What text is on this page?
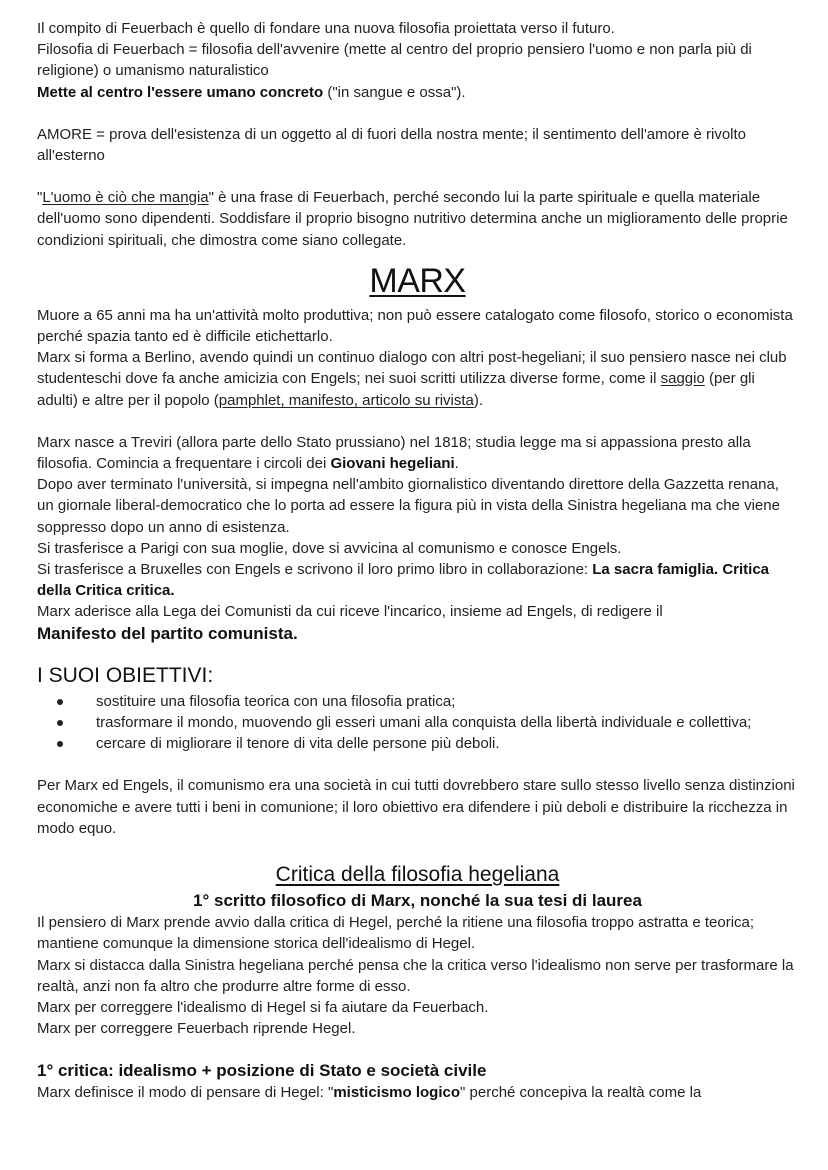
Il compito di Feuerbach è quello di fondare una nuova filosofia proiettata verso il futuro.

Filosofia di Feuerbach = filosofia dell'avvenire (mette al centro del proprio pensiero l'uomo e non parla più di religione) o umanismo naturalistico

Mette al centro l'essere umano concreto ("in sangue e ossa").

AMORE = prova dell'esistenza di un oggetto al di fuori della nostra mente; il sentimento dell'amore è rivolto all'esterno

"L'uomo è ciò che mangia" è una frase di Feuerbach, perché secondo lui la parte spirituale e quella materiale dell'uomo sono dipendenti. Soddisfare il proprio bisogno nutritivo determina anche un miglioramento delle proprie condizioni spirituali, che dimostra come siano collegate.

MARX

Muore a 65 anni ma ha un'attività molto produttiva; non può essere catalogato come filosofo, storico o economista perché spazia tanto ed è difficile etichettarlo.

Marx si forma a Berlino, avendo quindi un continuo dialogo con altri post-hegeliani; il suo pensiero nasce nei club studenteschi dove fa anche amicizia con Engels; nei suoi scritti utilizza diverse forme, come il saggio (per gli adulti) e altre per il popolo (pamphlet, manifesto, articolo su rivista).

Marx nasce a Treviri (allora parte dello Stato prussiano) nel 1818; studia legge ma si appassiona presto alla filosofia. Comincia a frequentare i circoli dei Giovani hegeliani.

Dopo aver terminato l'università, si impegna nell'ambito giornalistico diventando direttore della Gazzetta renana, un giornale liberal-democratico che lo porta ad essere la figura più in vista della Sinistra hegeliana ma che viene soppresso dopo un anno di esistenza.

Si trasferisce a Parigi con sua moglie, dove si avvicina al comunismo e conosce Engels.

Si trasferisce a Bruxelles con Engels e scrivono il loro primo libro in collaborazione: La sacra famiglia. Critica della Critica critica.

Marx aderisce alla Lega dei Comunisti da cui riceve l'incarico, insieme ad Engels, di redigere il

Manifesto del partito comunista.

I SUOI OBIETTIVI:
sostituire una filosofia teorica con una filosofia pratica;
trasformare il mondo, muovendo gli esseri umani alla conquista della libertà individuale e collettiva;
cercare di migliorare il tenore di vita delle persone più deboli.

Per Marx ed Engels, il comunismo era una società in cui tutti dovrebbero stare sullo stesso livello senza distinzioni economiche e avere tutti i beni in comunione; il loro obiettivo era difendere i più deboli e distribuire la ricchezza in modo equo.

Critica della filosofia hegeliana
1° scritto filosofico di Marx, nonché la sua tesi di laurea

Il pensiero di Marx prende avvio dalla critica di Hegel, perché la ritiene una filosofia troppo astratta e teorica; mantiene comunque la dimensione storica dell'idealismo di Hegel.

Marx si distacca dalla Sinistra hegeliana perché pensa che la critica verso l'idealismo non serve per trasformare la realtà, anzi non fa altro che produrre altre forme di esso.

Marx per correggere l'idealismo di Hegel si fa aiutare da Feuerbach.

Marx per correggere Feuerbach riprende Hegel.

1° critica: idealismo + posizione di Stato e società civile

Marx definisce il modo di pensare di Hegel: "misticismo logico" perché concepiva la realtà come la
